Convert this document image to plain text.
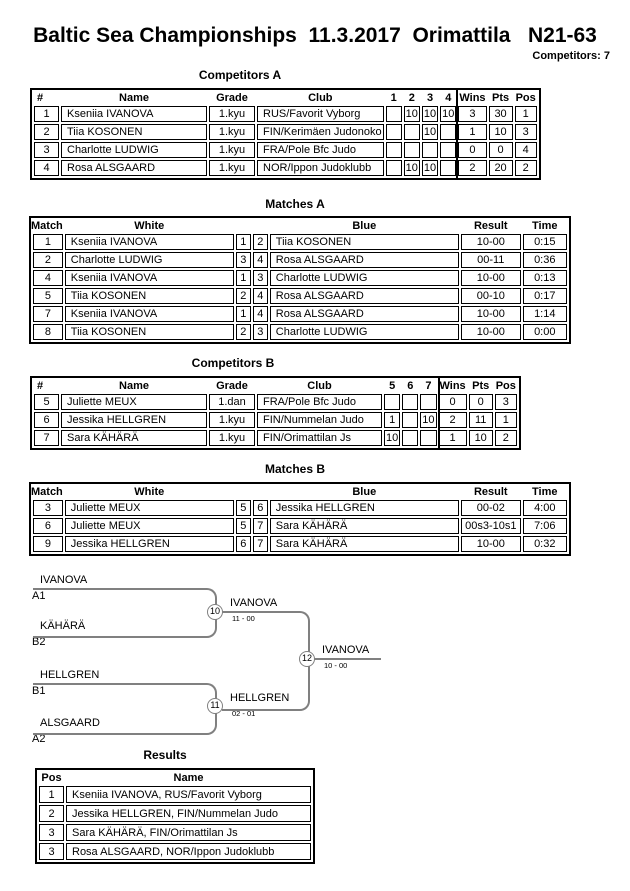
Baltic Sea Championships  11.3.2017  Orimattila   N21-63
Competitors: 7
Competitors A
#	Name	Grade	Club	1	2	3	4	Wins	Pts	Pos
1	Kseniia IVANOVA	1.kyu	RUS/Favorit Vyborg		10	10	10	3	30	1
2	Tiia KOSONEN	1.kyu	FIN/Kerimäen Judonoko			10		1	10	3
3	Charlotte LUDWIG	1.kyu	FRA/Pole Bfc Judo					0	0	4
4	Rosa ALSGAARD	1.kyu	NOR/Ippon Judoklubb		10	10		2	20	2
Matches A
Match	White			Blue	Result	Time
1	Kseniia IVANOVA	1	2	Tiia KOSONEN	10-00	0:15
2	Charlotte LUDWIG	3	4	Rosa ALSGAARD	00-11	0:36
4	Kseniia IVANOVA	1	3	Charlotte LUDWIG	10-00	0:13
5	Tiia KOSONEN	2	4	Rosa ALSGAARD	00-10	0:17
7	Kseniia IVANOVA	1	4	Rosa ALSGAARD	10-00	1:14
8	Tiia KOSONEN	2	3	Charlotte LUDWIG	10-00	0:00
Competitors B
#	Name	Grade	Club	5	6	7	Wins	Pts	Pos
5	Juliette MEUX	1.dan	FRA/Pole Bfc Judo				0	0	3
6	Jessika HELLGREN	1.kyu	FIN/Nummelan Judo	1		10	2	11	1
7	Sara KÄHÄRÄ	1.kyu	FIN/Orimattilan Js	10			1	10	2
Matches B
Match	White			Blue	Result	Time
3	Juliette MEUX	5	6	Jessika HELLGREN	00-02	4:00
6	Juliette MEUX	5	7	Sara KÄHÄRÄ	00s3-10s1	7:06
9	Jessika HELLGREN	6	7	Sara KÄHÄRÄ	10-00	0:32
IVANOVA
A1
KÄHÄRÄ
B2
HELLGREN
B1
ALSGAARD
A2
10
11
12
IVANOVA
11 - 00
HELLGREN
02 - 01
IVANOVA
10 - 00
Results
Pos	Name
1	Kseniia IVANOVA, RUS/Favorit Vyborg
2	Jessika HELLGREN, FIN/Nummelan Judo
3	Sara KÄHÄRÄ, FIN/Orimattilan Js
3	Rosa ALSGAARD, NOR/Ippon Judoklubb
